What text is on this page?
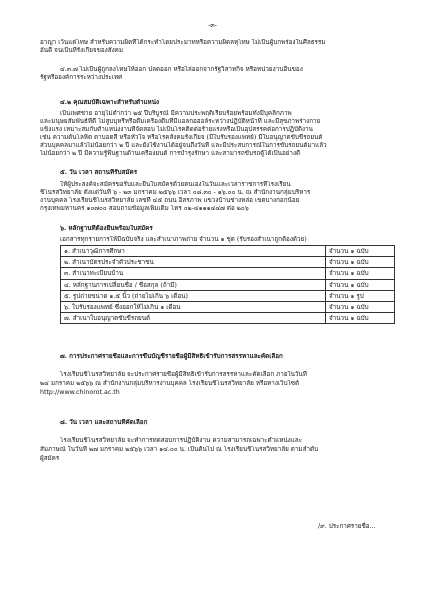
-๓-
อาญา เว้นแต่โทษ สำหรับความผิดที่ได้กระทำโดยประมาทหรือความผิดลหุโทษ ไม่เป็นผู้บกพร่องในศีลธรรม
อันดี จนเป็นที่รังเกียจของสังคม
๔.๓.๗ ไม่เป็นผู้ถูกลงโทษให้ออก ปลดออก หรือไล่ออกจากรัฐวิสาหกิจ หรือหน่วยงานอื่นของ
รัฐหรือองค์การระหว่างประเทศ
๔.๒ คุณสมบัติเฉพาะสำหรับตำแหน่ง
เป็นเพศชาย อายุไม่ต่ำกว่า ๒๕ ปีบริบูรณ์ มีความประพฤติเรียบร้อยพร้อมทั้งมีบุคลิกภาพ
และมนุษยสัมพันธ์ที่ดี ไม่สูบบุหรี่หรือดื่มเครื่องดื่มที่มีแอลกอฮอล์ระหว่างปฏิบัติหน้าที่ และมีสุขภาพร่างกาย
แข็งแรง เหมาะสมกับตำแหน่งงานที่จัดสอบ ไม่เป็นโรคติดต่อร้ายแรงหรือเป็นอุปสรรคต่อการปฏิบัติงาน
เช่น ความดันโลหิต ตาบอดสี หรือหัวใจ หรือโรคสังคมรังเกียจ (มีใบรับรองแพทย์) มีใบอนุญาตขับขี่รถยนต์
ส่วนบุคคลมาแล้วไม่น้อยกว่า ๒ ปี และยังใช้งานได้อยู่จนถึงวันที่ และมีประสบการณ์ในการขับรถยนต์มาแล้ว
ไม่น้อยกว่า ๒ ปี มีความรู้พื้นฐานด้านเครื่องยนต์ การบำรุงรักษา และสามารถขับรถตู้ได้เป็นอย่างดี
๕. วัน เวลา สถานที่รับสมัคร
ให้ผู้ประสงค์จะสมัครขอรับและยื่นใบสมัครด้วยตนเองในวันและเวลาราชการที่โรงเรียน
ชิโนรสวิทยาลัย ตั้งแต่วันที่ ๖ - ๒๓ มกราคม ๒๕๖๖ เวลา ๐๘.๓๐ - ๑๖.๐๐ น. ณ สำนักงานกลุ่มบริหาร
งานบุคคล โรงเรียนชิโนรสวิทยาลัย เลขที่ ๔๕ ถนน อิสรภาพ แขวงบ้านช่างหล่อ เขตบางกอกน้อย
กรุงเทพมหานคร ๑๐๗๐๐ สอบถามข้อมูลเพิ่มเติม โทร ๐๒-๔๑๑๑๔๔๗ ต่อ ๒๐๖
๖. หลักฐานที่ต้องยื่นพร้อมใบสมัคร
เอกสารทุกรายการให้มีฉบับจริง และสำเนาภาพถ่าย จำนวน ๑ ชุด (รับรองสำเนาถูกต้องด้วย)
๑. สำเนาวุฒิการศึกษา	จำนวน ๑ ฉบับ
๒. สำเนาบัตรประจำตัวประชาชน	จำนวน ๑ ฉบับ
๓. สำเนาทะเบียนบ้าน	จำนวน ๑ ฉบับ
๔. หลักฐานการเปลี่ยนชื่อ / ชื่อสกุล (ถ้ามี)	จำนวน ๑ ฉบับ
๕. รูปถ่ายขนาด ๑.๕ นิ้ว (ถ่ายไม่เกิน ๖ เดือน)	จำนวน ๑ รูป
๖. ใบรับรองแพทย์ ซึ่งออกให้ไม่เกิน ๑ เดือน	จำนวน ๑ ฉบับ
๗. สำเนาใบอนุญาตขับขี่รถยนต์	จำนวน ๑ ฉบับ
๗. การประกาศรายชื่อและการขึ้นบัญชีรายชื่อผู้มีสิทธิ์เข้ารับการสรรหาและคัดเลือก
โรงเรียนชิโนรสวิทยาลัย จะประกาศรายชื่อผู้มีสิทธิ์เข้ารับการสรรหาและคัดเลือก ภายในวันที่
๒๔ มกราคม ๒๕๖๖ ณ สำนักงานกลุ่มบริหารงานบุคคล โรงเรียนชิโนรสวิทยาลัย หรือทางเว็บไซต์
http://www.chinorot.ac.th
๘. วัน เวลา และสถานที่คัดเลือก
โรงเรียนชิโนรสวิทยาลัย จะทำการทดสอบการปฏิบัติงาน ความสามารถเฉพาะตำแหน่งและ
สัมภาษณ์ ในวันที่ ๒๗ มกราคม ๒๕๖๖ เวลา ๑๔.๐๐ น. เป็นต้นไป ณ โรงเรียนชิโนรสวิทยาลัย ตามลำดับ
ผู้สมัคร
/๙. ประกาศรายชื่อ...
